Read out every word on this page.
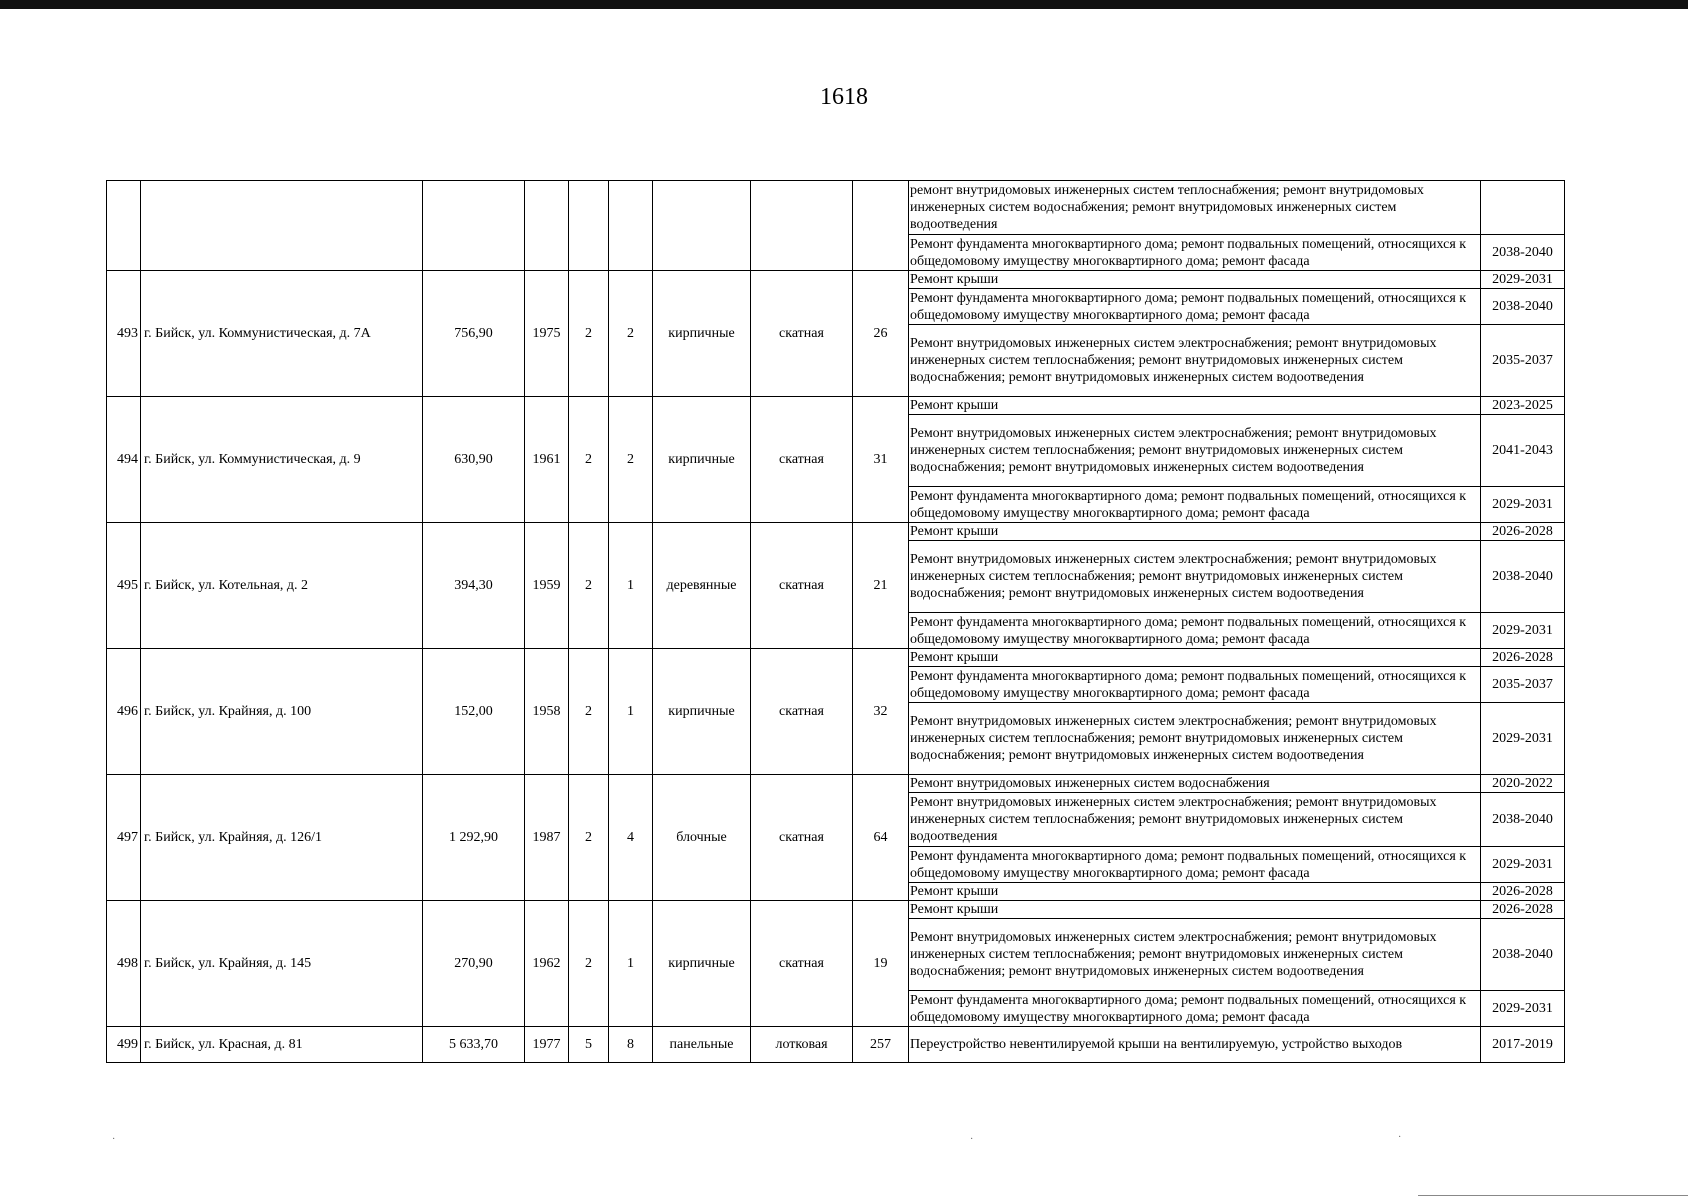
1618
									ремонт внутридомовых инженерных систем теплоснабжения; ремонт внутридомовых инженерных систем водоснабжения; ремонт внутридомовых инженерных систем водоотведения	
									Ремонт фундамента многоквартирного дома; ремонт подвальных помещений, относящихся к общедомовому имуществу многоквартирного дома; ремонт фасада	2038-2040
493	г. Бийск, ул. Коммунистическая, д. 7А	756,90	1975	2	2	кирпичные	скатная	26	Ремонт крыши	2029-2031
									Ремонт фундамента многоквартирного дома; ремонт подвальных помещений, относящихся к общедомовому имуществу многоквартирного дома; ремонт фасада	2038-2040
									Ремонт внутридомовых инженерных систем электроснабжения; ремонт внутридомовых инженерных систем теплоснабжения; ремонт внутридомовых инженерных систем водоснабжения; ремонт внутридомовых инженерных систем водоотведения	2035-2037
494	г. Бийск, ул. Коммунистическая, д. 9	630,90	1961	2	2	кирпичные	скатная	31	Ремонт крыши	2023-2025
									Ремонт внутридомовых инженерных систем электроснабжения; ремонт внутридомовых инженерных систем теплоснабжения; ремонт внутридомовых инженерных систем водоснабжения; ремонт внутридомовых инженерных систем водоотведения	2041-2043
									Ремонт фундамента многоквартирного дома; ремонт подвальных помещений, относящихся к общедомовому имуществу многоквартирного дома; ремонт фасада	2029-2031
495	г. Бийск, ул. Котельная, д. 2	394,30	1959	2	1	деревянные	скатная	21	Ремонт крыши	2026-2028
									Ремонт внутридомовых инженерных систем электроснабжения; ремонт внутридомовых инженерных систем теплоснабжения; ремонт внутридомовых инженерных систем водоснабжения; ремонт внутридомовых инженерных систем водоотведения	2038-2040
									Ремонт фундамента многоквартирного дома; ремонт подвальных помещений, относящихся к общедомовому имуществу многоквартирного дома; ремонт фасада	2029-2031
496	г. Бийск, ул. Крайняя, д. 100	152,00	1958	2	1	кирпичные	скатная	32	Ремонт крыши	2026-2028
									Ремонт фундамента многоквартирного дома; ремонт подвальных помещений, относящихся к общедомовому имуществу многоквартирного дома; ремонт фасада	2035-2037
									Ремонт внутридомовых инженерных систем электроснабжения; ремонт внутридомовых инженерных систем теплоснабжения; ремонт внутридомовых инженерных систем водоснабжения; ремонт внутридомовых инженерных систем водоотведения	2029-2031
497	г. Бийск, ул. Крайняя, д. 126/1	1 292,90	1987	2	4	блочные	скатная	64	Ремонт внутридомовых инженерных систем водоснабжения	2020-2022
									Ремонт внутридомовых инженерных систем электроснабжения; ремонт внутридомовых инженерных систем теплоснабжения; ремонт внутридомовых инженерных систем водоотведения	2038-2040
									Ремонт фундамента многоквартирного дома; ремонт подвальных помещений, относящихся к общедомовому имуществу многоквартирного дома; ремонт фасада	2029-2031
									Ремонт крыши	2026-2028
498	г. Бийск, ул. Крайняя, д. 145	270,90	1962	2	1	кирпичные	скатная	19	Ремонт крыши	2026-2028
									Ремонт внутридомовых инженерных систем электроснабжения; ремонт внутридомовых инженерных систем теплоснабжения; ремонт внутридомовых инженерных систем водоснабжения; ремонт внутридомовых инженерных систем водоотведения	2038-2040
									Ремонт фундамента многоквартирного дома; ремонт подвальных помещений, относящихся к общедомовому имуществу многоквартирного дома; ремонт фасада	2029-2031
499	г. Бийск, ул. Красная, д. 81	5 633,70	1977	5	8	панельные	лотковая	257	Переустройство невентилируемой крыши на вентилируемую, устройство выходов	2017-2019
·	·	·
